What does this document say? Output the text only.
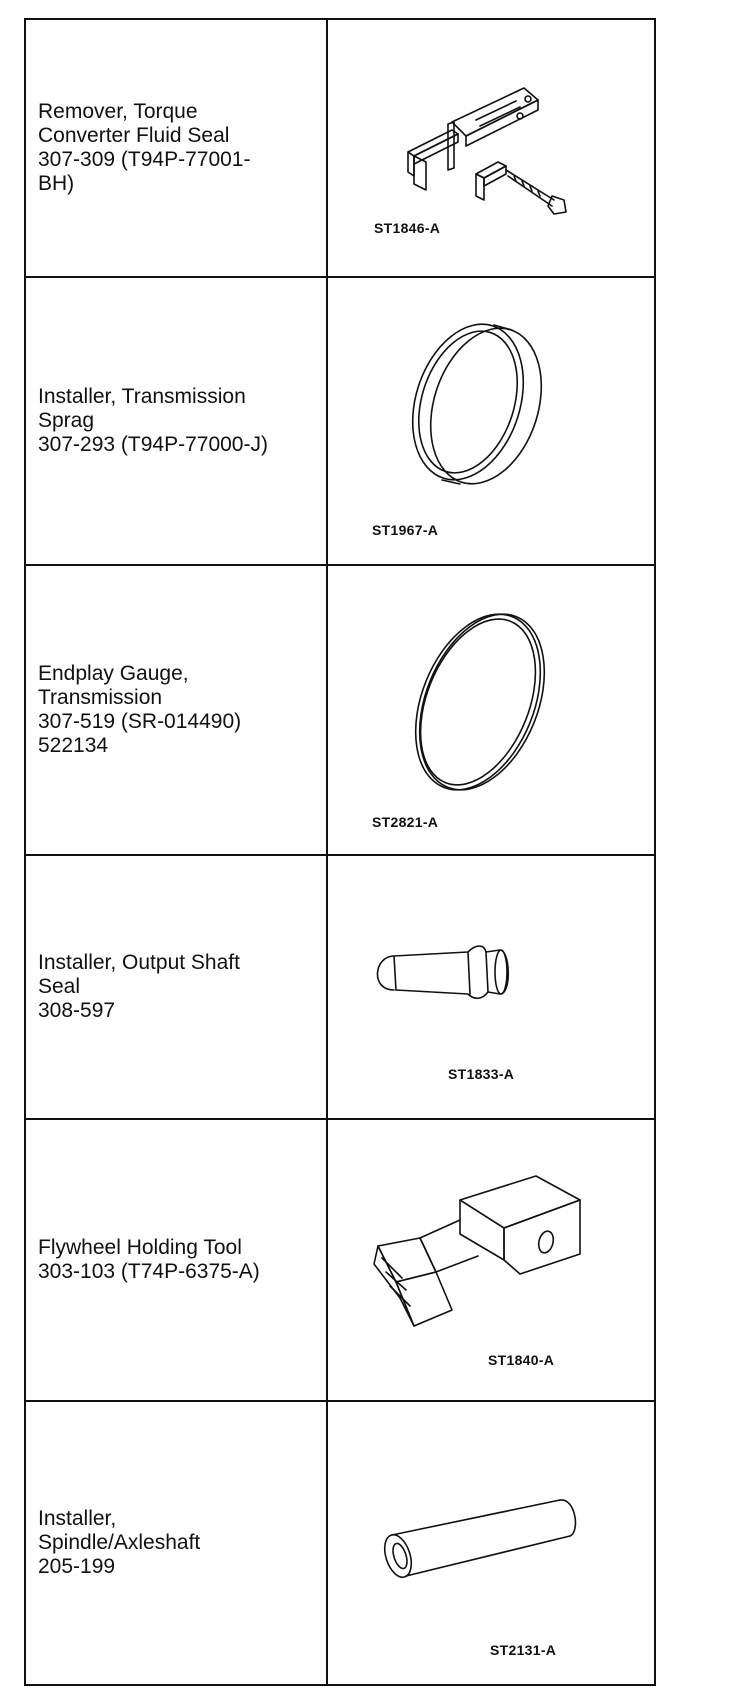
Remover, Torque
Converter Fluid Seal
307-309 (T94P-77001-
BH)
ST1846-A
Installer, Transmission
Sprag
307-293 (T94P-77000-J)
ST1967-A
Endplay Gauge,
Transmission
307-519 (SR-014490)
522134
ST2821-A
Installer, Output Shaft
Seal
308-597
ST1833-A
Flywheel Holding Tool
303-103 (T74P-6375-A)
ST1840-A
Installer,
Spindle/Axleshaft
205-199
ST2131-A
